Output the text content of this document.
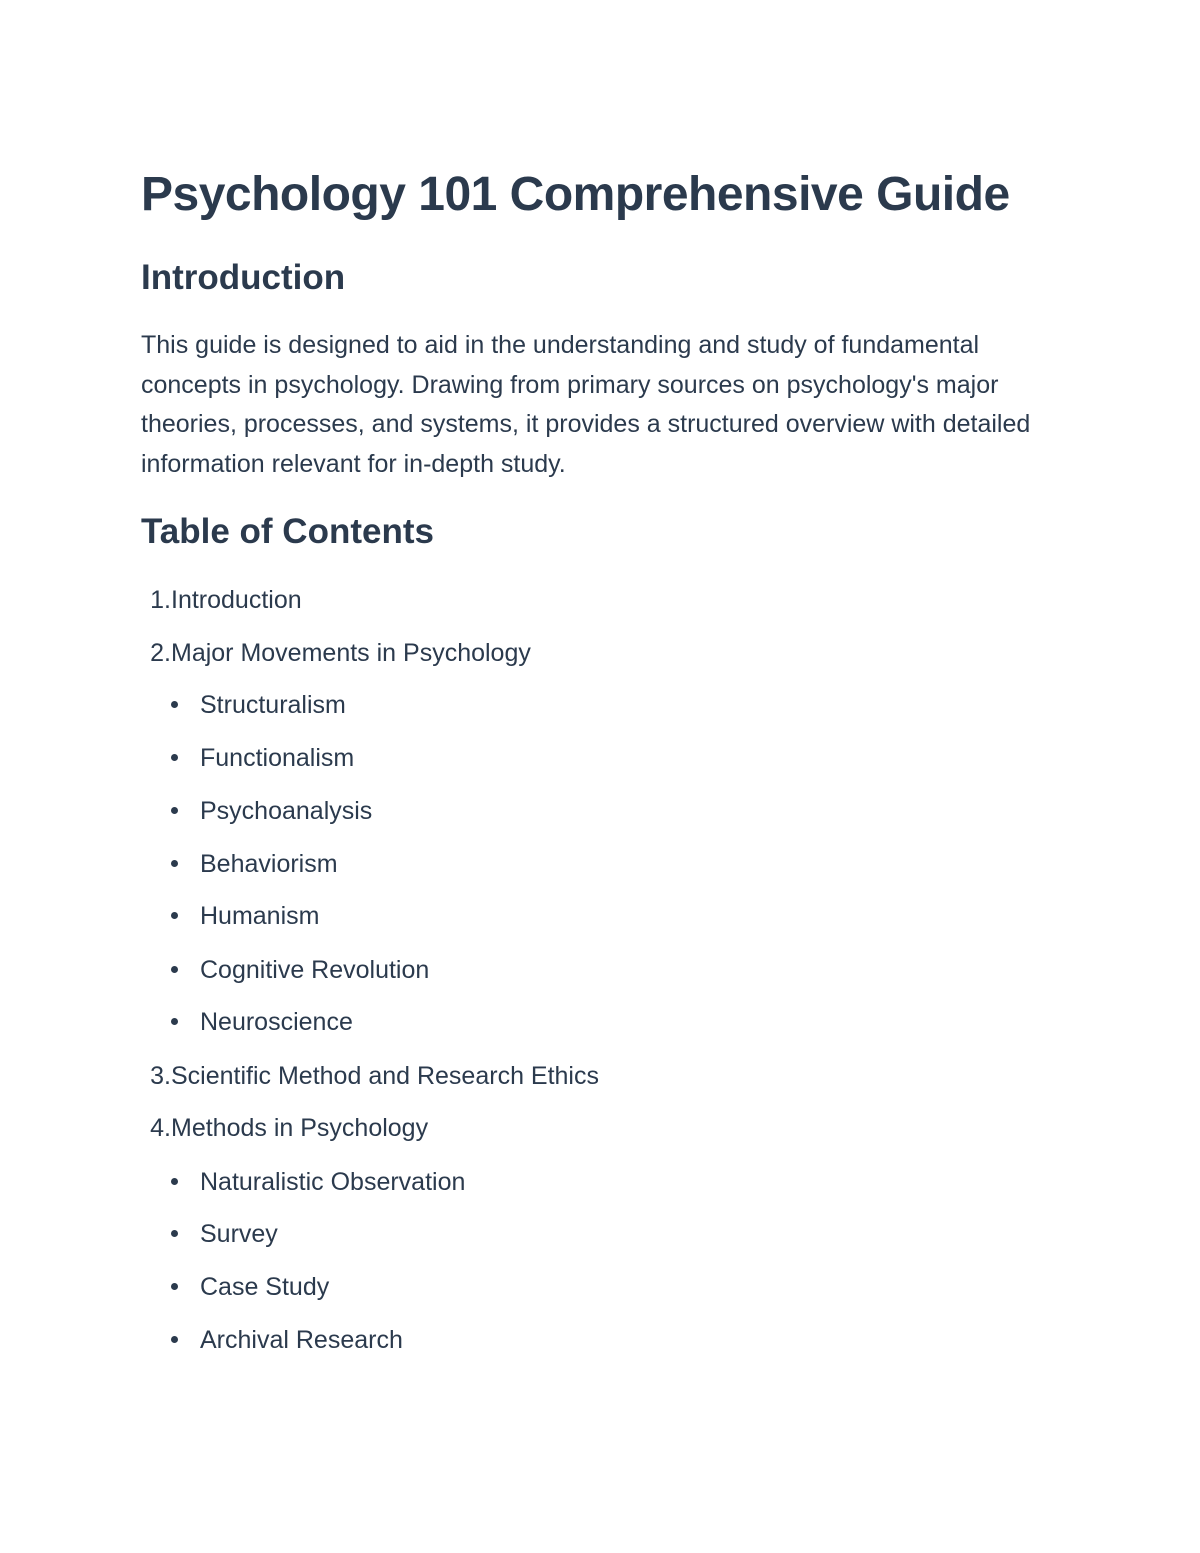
Psychology 101 Comprehensive Guide
Introduction

This guide is designed to aid in the understanding and study of fundamental concepts in psychology. Drawing from primary sources on psychology's major theories, processes, and systems, it provides a structured overview with detailed information relevant for in-depth study.

Table of Contents
1.Introduction
2.Major Movements in Psychology
Structuralism
Functionalism
Psychoanalysis
Behaviorism
Humanism
Cognitive Revolution
Neuroscience
3.Scientific Method and Research Ethics
4.Methods in Psychology
Naturalistic Observation
Survey
Case Study
Archival Research
